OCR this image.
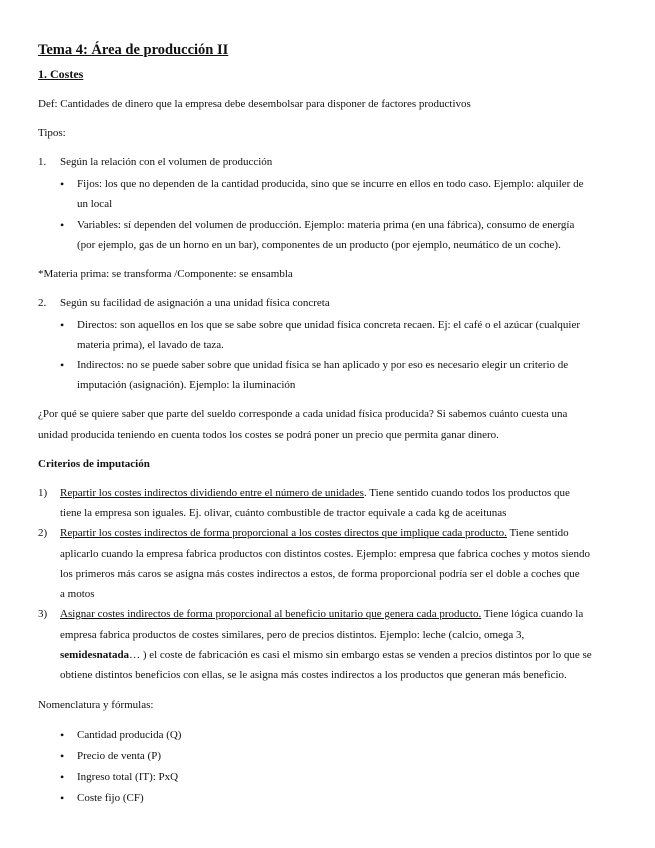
Tema 4: Área de producción II
1. Costes
Def: Cantidades de dinero que la empresa debe desembolsar para disponer de factores productivos
Tipos:
1. Según la relación con el volumen de producción
• Fijos: los que no dependen de la cantidad producida, sino que se incurre en ellos en todo caso. Ejemplo: alquiler de
un local
• Variables: sí dependen del volumen de producción. Ejemplo: materia prima (en una fábrica), consumo de energía
(por ejemplo, gas de un horno en un bar), componentes de un producto (por ejemplo, neumático de un coche).
*Materia prima: se transforma /Componente: se ensambla
2. Según su facilidad de asignación a una unidad física concreta
• Directos: son aquellos en los que se sabe sobre que unidad física concreta recaen. Ej: el café o el azúcar (cualquier
materia prima), el lavado de taza.
• Indirectos: no se puede saber sobre que unidad física se han aplicado y por eso es necesario elegir un criterio de
imputación (asignación). Ejemplo: la iluminación
¿Por qué se quiere saber que parte del sueldo corresponde a cada unidad física producida? Si sabemos cuánto cuesta una
unidad producida teniendo en cuenta todos los costes se podrá poner un precio que permita ganar dinero.
Criterios de imputación
1) Repartir los costes indirectos dividiendo entre el número de unidades. Tiene sentido cuando todos los productos que
tiene la empresa son iguales. Ej. olivar, cuánto combustible de tractor equivale a cada kg de aceitunas
2) Repartir los costes indirectos de forma proporcional a los costes directos que implique cada producto. Tiene sentido
aplicarlo cuando la empresa fabrica productos con distintos costes. Ejemplo: empresa que fabrica coches y motos siendo
los primeros más caros se asigna más costes indirectos a estos, de forma proporcional podría ser el doble a coches que
a motos
3) Asignar costes indirectos de forma proporcional al beneficio unitario que genera cada producto. Tiene lógica cuando la
empresa fabrica productos de costes similares, pero de precios distintos. Ejemplo: leche (calcio, omega 3,
semidesnatada… ) el coste de fabricación es casi el mismo sin embargo estas se venden a precios distintos por lo que se
obtiene distintos beneficios con ellas, se le asigna más costes indirectos a los productos que generan más beneficio.
Nomenclatura y fórmulas:
• Cantidad producida (Q)
• Precio de venta (P)
• Ingreso total (IT): PxQ
• Coste fijo (CF)
